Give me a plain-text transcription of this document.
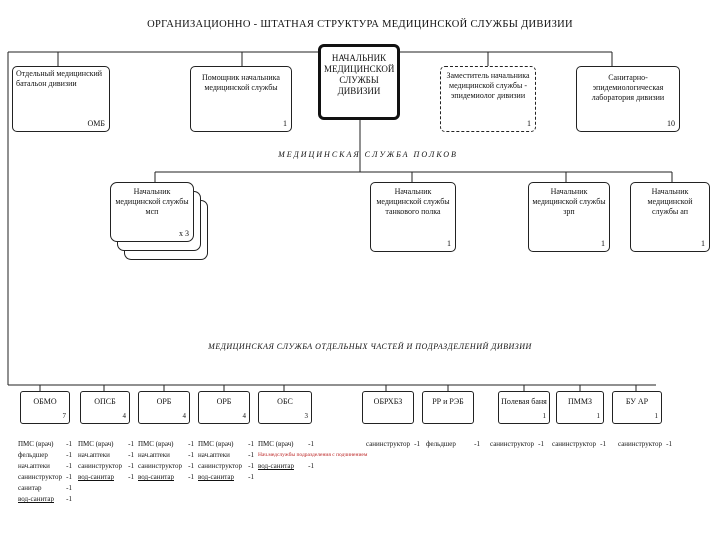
ОРГАНИЗАЦИОННО - ШТАТНАЯ СТРУКТУРА МЕДИЦИНСКОЙ СЛУЖБЫ ДИВИЗИИ
НАЧАЛЬНИК МЕДИЦИНСКОЙ СЛУЖБЫ ДИВИЗИИ
Отдельный медицинский батальон дивизии
ОМБ
Помощник начальника медицинской службы
1
Заместитель начальника медицинской службы - эпидемиолог дивизии
1
Санитарно-эпидемиологическая лаборатория дивизии
10
МЕДИЦИНСКАЯ СЛУЖБА ПОЛКОВ
Начальник медицинской службы мсп
х 3
Начальник медицинской службы танкового полка
1
Начальник медицинской службы зрп
1
Начальник медицинской службы ап
1
МЕДИЦИНСКАЯ СЛУЖБА ОТДЕЛЬНЫХ ЧАСТЕЙ И ПОДРАЗДЕЛЕНИЙ ДИВИЗИИ
ОБМО
7
ОПСБ
4
ОРБ
4
ОРБ
4
ОБС
3
ОБРХБЗ	РР и РЭБ	Полевая баня
1
ПММЗ
1
БУ АР
1
ПМС (врач)	-1
фельдшер	-1
нач.аптеки	-1
санинструктор -1
санитар	-1
вод-санитар	-1
ПМС (врач)	-1
нач.аптеки	-1
санинструктор -1
вод-санитар	-1
ПМС (врач)	-1
нач.аптеки	-1
санинструктор -1
вод-санитар	-1
ПМС (врач)	-1
нач.аптеки	-1
санинструктор -1
вод-санитар	-1
ПМС (врач)	-1
Нач.медслужбы подразделения с подчинением
вод-санитар	-1
санинструктор -1 фельдшер	-1 санинструктор -1 санинструктор -1 санинструктор -1
